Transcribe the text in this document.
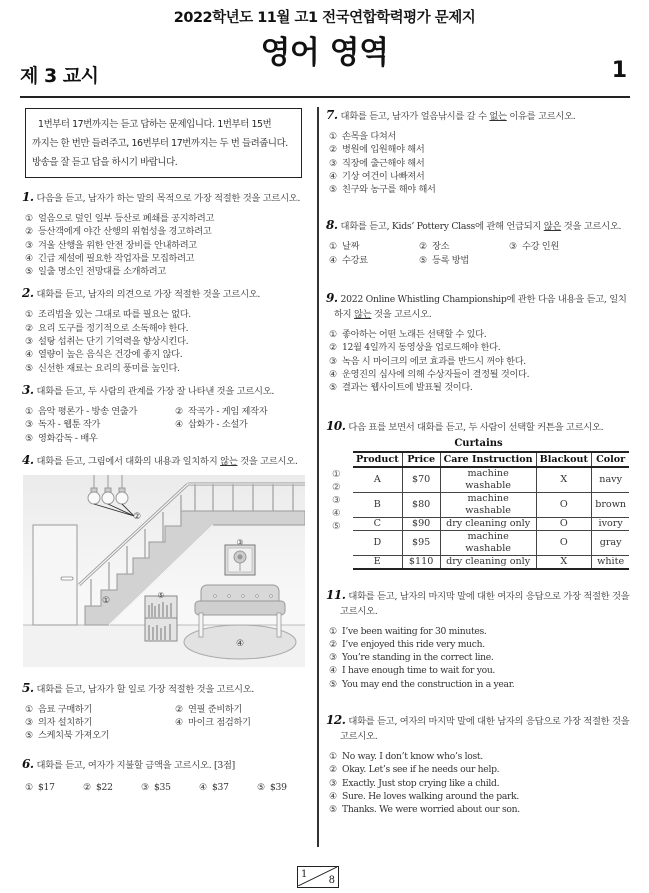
2022학년도 11월 고1 전국연합학력평가 문제지
영어 영역
제 3 교시	1
1번부터 17번까지는 듣고 답하는 문제입니다. 1번부터 15번
까지는 한 번만 들려주고, 16번부터 17번까지는 두 번 들려줍니다.
방송을 잘 듣고 답을 하시기 바랍니다.
1. 다음을 듣고, 남자가 하는 말의 목적으로 가장 적절한 것을 고르시오.
① 얼음으로 덮인 일부 등산로 폐쇄를 공지하려고
② 등산객에게 야간 산행의 위험성을 경고하려고
③ 겨울 산행을 위한 안전 장비를 안내하려고
④ 긴급 제설에 필요한 작업자를 모집하려고
⑤ 일출 명소인 전망대를 소개하려고
2. 대화를 듣고, 남자의 의견으로 가장 적절한 것을 고르시오.
① 조리법을 있는 그대로 따를 필요는 없다.
② 요리 도구를 정기적으로 소독해야 한다.
③ 설탕 섭취는 단기 기억력을 향상시킨다.
④ 열량이 높은 음식은 건강에 좋지 않다.
⑤ 신선한 재료는 요리의 풍미를 높인다.
3. 대화를 듣고, 두 사람의 관계를 가장 잘 나타낸 것을 고르시오.
① 음악 평론가 - 방송 연출가	② 작곡가 - 게임 제작자
③ 독자 - 웹툰 작가	④ 삽화가 - 소설가
⑤ 영화감독 - 배우
4. 대화를 듣고, 그림에서 대화의 내용과 일치하지 않는 것을 고르시오.
②
①
③
⑤
④
5. 대화를 듣고, 남자가 할 일로 가장 적절한 것을 고르시오.
① 음료 구매하기	② 연필 준비하기
③ 의자 설치하기	④ 마이크 점검하기
⑤ 스케치북 가져오기
6. 대화를 듣고, 여자가 지불할 금액을 고르시오. [3점]
① $17	② $22	③ $35	④ $37	⑤ $39
7. 대화를 듣고, 남자가 얼음낚시를 갈 수 없는 이유를 고르시오.
① 손목을 다쳐서
② 병원에 입원해야 해서
③ 직장에 출근해야 해서
④ 기상 여건이 나빠져서
⑤ 친구와 농구를 해야 해서
8. 대화를 듣고, Kids’ Pottery Class에 관해 언급되지 않은 것을 고르시오.
① 날짜	② 장소	③ 수강 인원
④ 수강료	⑤ 등록 방법
9. 2022 Online Whistling Championship에 관한 다음 내용을 듣고, 일치하지 않는 것을 고르시오.
① 좋아하는 어떤 노래든 선택할 수 있다.
② 12월 4일까지 동영상을 업로드해야 한다.
③ 녹음 시 마이크의 에코 효과를 반드시 꺼야 한다.
④ 운영진의 심사에 의해 수상자들이 결정될 것이다.
⑤ 결과는 웹사이트에 발표될 것이다.
10. 다음 표를 보면서 대화를 듣고, 두 사람이 선택할 커튼을 고르시오.
Curtains
①
②
③
④
⑤
Product	Price	Care Instruction	Blackout	Color
A	$70	machine washable	X	navy
B	$80	machine washable	O	brown
C	$90	dry cleaning only	O	ivory
D	$95	machine washable	O	gray
E	$110	dry cleaning only	X	white
11. 대화를 듣고, 남자의 마지막 말에 대한 여자의 응답으로 가장 적절한 것을 고르시오.
① I’ve been waiting for 30 minutes.
② I’ve enjoyed this ride very much.
③ You’re standing in the correct line.
④ I have enough time to wait for you.
⑤ You may end the construction in a year.
12. 대화를 듣고, 여자의 마지막 말에 대한 남자의 응답으로 가장 적절한 것을 고르시오.
① No way. I don’t know who’s lost.
② Okay. Let’s see if he needs our help.
③ Exactly. Just stop crying like a child.
④ Sure. He loves walking around the park.
⑤ Thanks. We were worried about our son.
1
8
